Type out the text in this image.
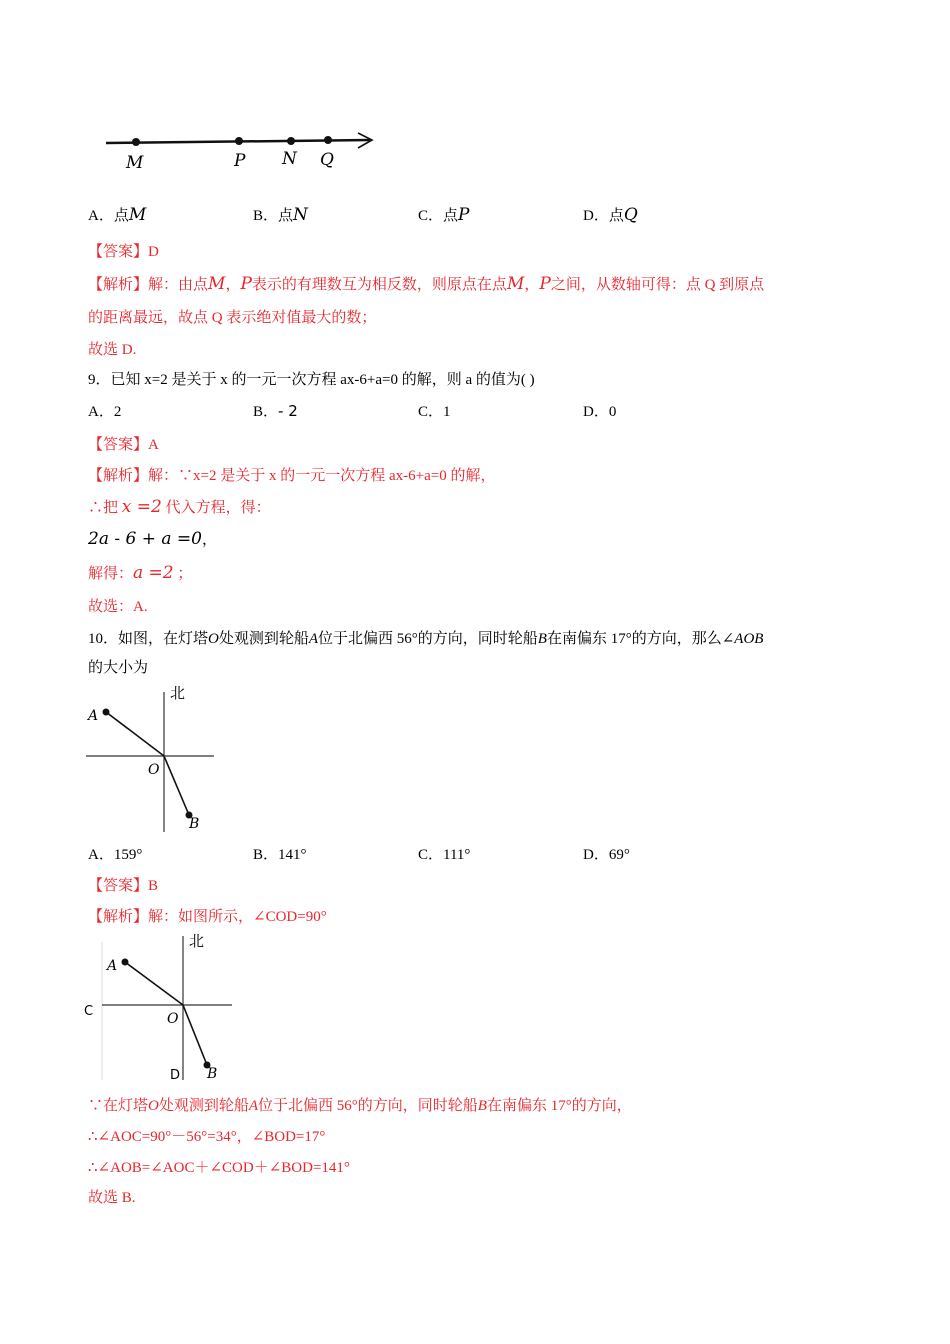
M	P N Q
A．点M	B．点N	C．点P	D．点Q
【答案】D
【解析】解：由点M，P表示的有理数互为相反数，则原点在点M，P之间，从数轴可得：点 Q 到原点
的距离最远，故点 Q 表示绝对值最大的数；
故选 D.
9．已知 x=2 是关于 x 的一元一次方程 ax-6+a=0 的解，则 a 的值为( )
A．2	B．- 2	C．1	D．0
【答案】A
【解析】解：∵x=2 是关于 x 的一元一次方程 ax-6+a=0 的解，
∴把 x =2 代入方程，得：
2a - 6 + a =0，
解得：a =2 ；
故选：A.
10．如图，在灯塔O处观测到轮船A位于北偏西 56°的方向，同时轮船B在南偏东 17°的方向，那么∠AOB
的大小为
北
A
O
B
A．159°	B．141°	C．111°	D．69°
【答案】B
【解析】解：如图所示，∠COD=90°
北
A
O
B
C
D
∵在灯塔O处观测到轮船A位于北偏西 56°的方向，同时轮船B在南偏东 17°的方向，
∴∠AOC=90°－56°=34°，∠BOD=17°
∴∠AOB=∠AOC＋∠COD＋∠BOD=141°
故选 B.
